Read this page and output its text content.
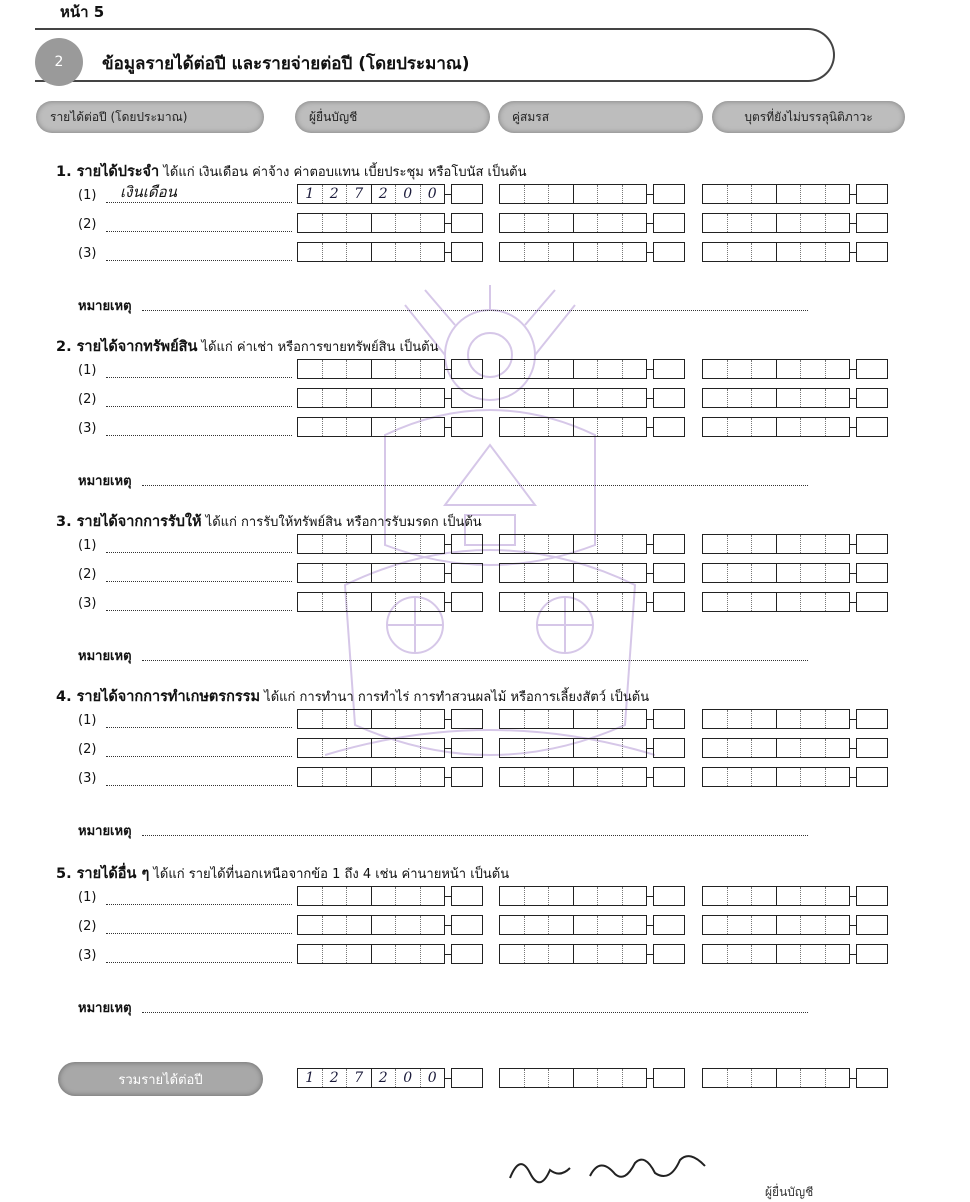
หน้า 5
2	ข้อมูลรายได้ต่อปี และรายจ่ายต่อปี (โดยประมาณ)
รายได้ต่อปี (โดยประมาณ)	ผู้ยื่นบัญชี	คู่สมรส	บุตรที่ยังไม่บรรลุนิติภาวะ
1. รายได้ประจำ ได้แก่ เงินเดือน ค่าจ้าง ค่าตอบแทน เบี้ยประชุม หรือโบนัส เป็นต้น
(1)	เงินเดือน	1	2	7	2	0	0
(2)
(3)
หมายเหตุ
2. รายได้จากทรัพย์สิน ได้แก่ ค่าเช่า หรือการขายทรัพย์สิน เป็นต้น
(1)
(2)
(3)
หมายเหตุ
3. รายได้จากการรับให้ ได้แก่ การรับให้ทรัพย์สิน หรือการรับมรดก เป็นต้น
(1)
(2)
(3)
หมายเหตุ
4. รายได้จากการทำเกษตรกรรม ได้แก่ การทำนา การทำไร่ การทำสวนผลไม้ หรือการเลี้ยงสัตว์ เป็นต้น
(1)
(2)
(3)
หมายเหตุ
5. รายได้อื่น ๆ ได้แก่ รายได้ที่นอกเหนือจากข้อ 1 ถึง 4 เช่น ค่านายหน้า เป็นต้น
(1)
(2)
(3)
หมายเหตุ
รวมรายได้ต่อปี	1	2	7	2	0	0
ผู้ยื่นบัญชี
